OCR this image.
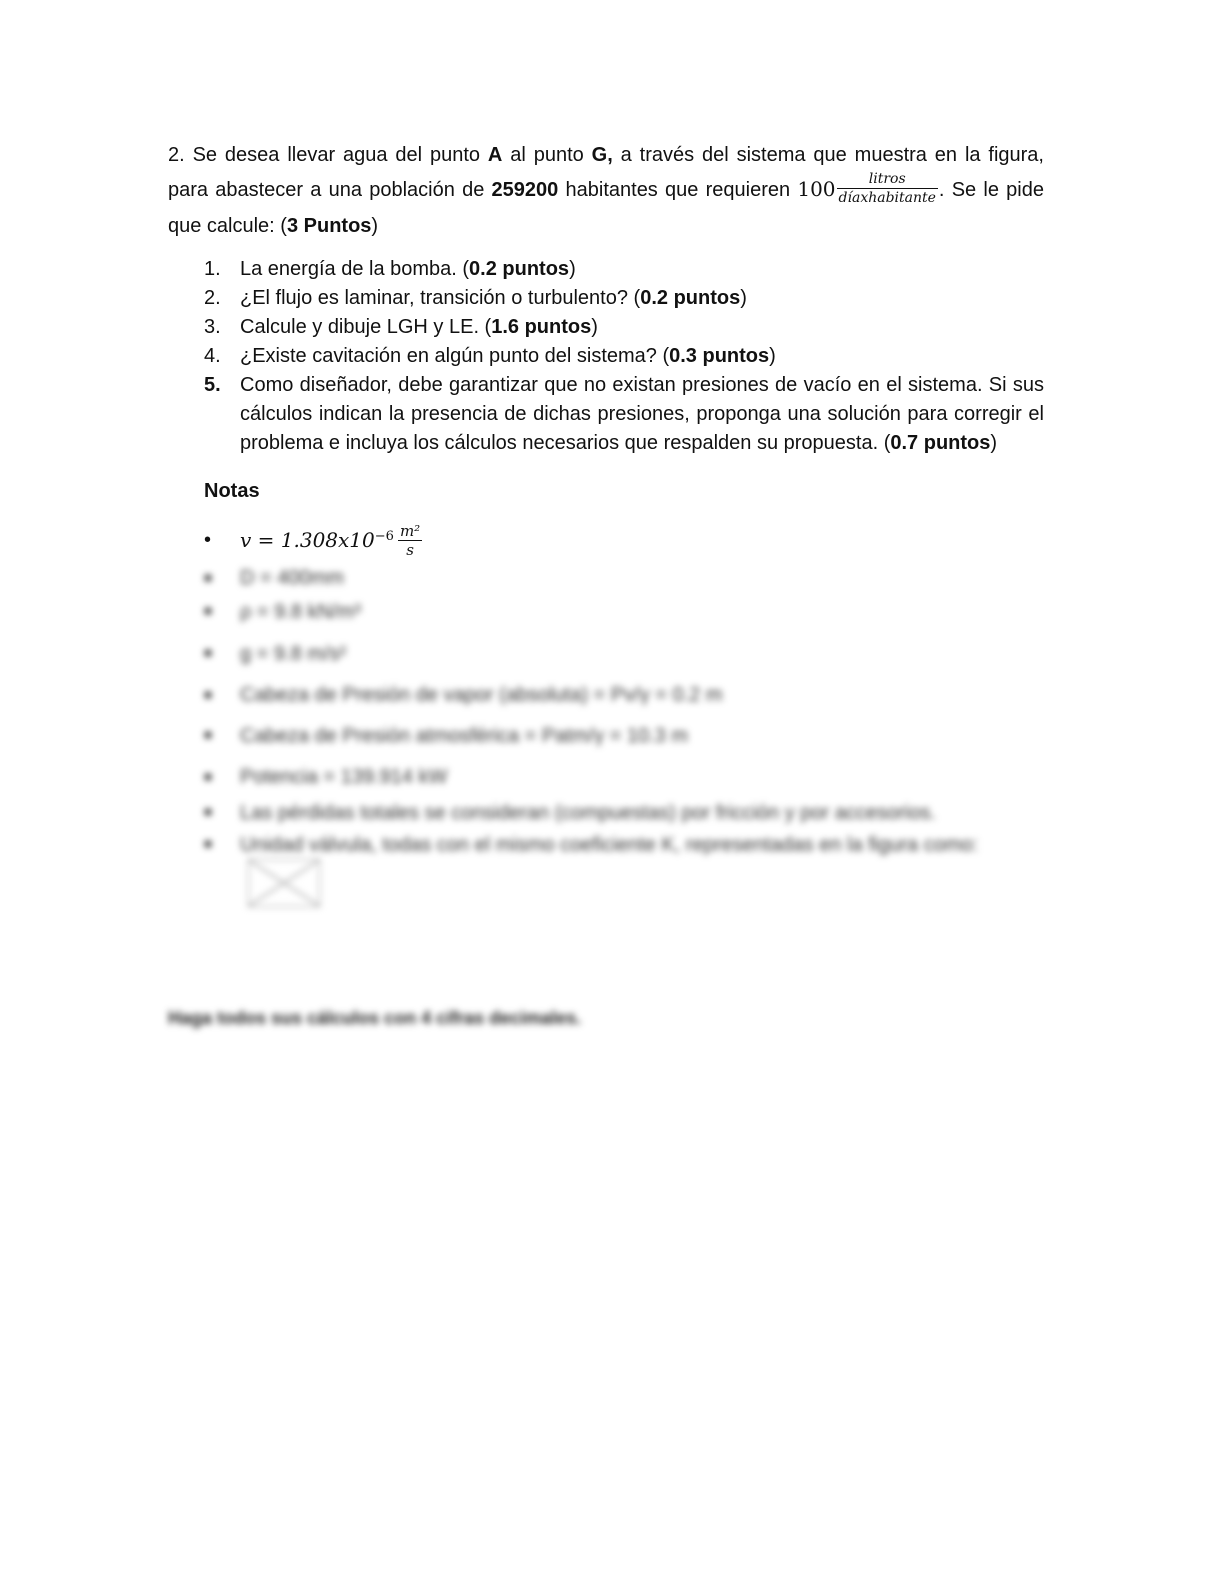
2. Se desea llevar agua del punto A al punto G, a través del sistema que muestra en la figura, para abastecer a una población de 259200 habitantes que requieren $100 \frac{\text{litros}}{\text{díaxhabitante}}$ . Se le pide que calcule: (3 Puntos)

1. La energía de la bomba. (0.2 puntos)
2. ¿El flujo es laminar, transición o turbulento? (0.2 puntos)
3. Calcule y dibuje LGH y LE. (1.6 puntos)
4. ¿Existe cavitación en algún punto del sistema? (0.3 puntos)
5. Como diseñador, debe garantizar que no existan presiones de vacío en el sistema. Si sus cálculos indican la presencia de dichas presiones, proponga una solución para corregir el problema e incluya los cálculos necesarios que respalden su propuesta. (0.7 puntos)
Notas
• $v = 1.308x10^{-6} \frac{\text{m²}}{s}$
D = 400mm
ρ = 9.8 kN/m³
g = 9.8 m/s²
Cabeza de Presión de vapor (absoluta) = Pv/γ = 0.2 m
Cabeza de Presión atmosférica = Patm/γ = 10.3 m
Potencia = 139.914 kW
Las pérdidas totales se consideran (compuestas) por fricción y por accesorios.
Unidad válvula, todas con el mismo coeficiente K, representadas en la figura como:
Haga todos sus cálculos con 4 cifras decimales.
